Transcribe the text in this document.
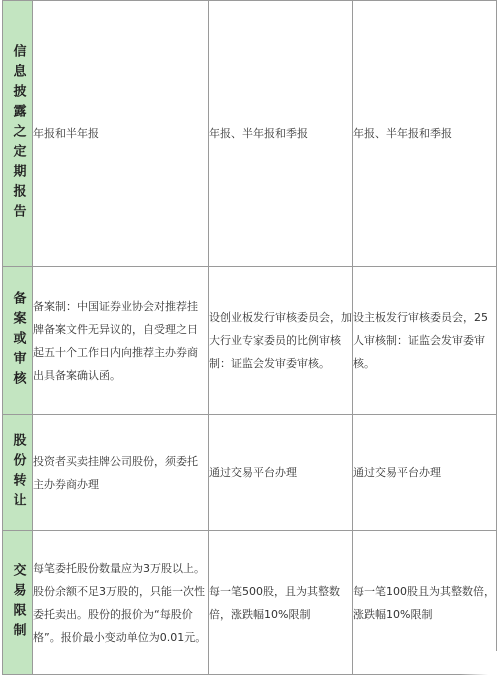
信息披露之定期报告	年报和半年报	年报、半年报和季报	年报、半年报和季报
备案或审核	备案制：中国证券业协会对推荐挂牌备案文件无异议的，自受理之日起五十个工作日内向推荐主办券商出具备案确认函。	设创业板发行审核委员会，加大行业专家委员的比例审核制：证监会发审委审核。	设主板发行审核委员会，25人审核制：证监会发审委审核。
股份转让	投资者买卖挂牌公司股份，须委托主办券商办理	通过交易平台办理	通过交易平台办理
交易限制	每笔委托股份数量应为3万股以上。股份余额不足3万股的，只能一次性委托卖出。股份的报价为“每股价格”。报价最小变动单位为0.01元。	每一笔500股，且为其整数倍，涨跌幅10%限制	每一笔100股且为其整数倍，涨跌幅10%限制
